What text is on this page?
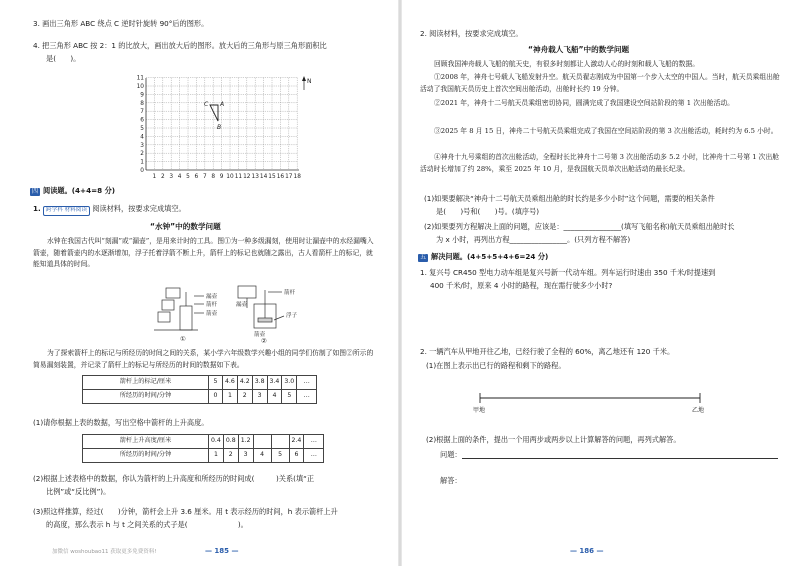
3. 画出三角形 ABC 绕点 C 逆时针旋转 90°后的图形。
4. 把三角形 ABC 按 2：1 的比放大，画出放大后的图形。放大后的三角形与原三角形面积比
是(　　)。
11
10
9
8
7
6
5
4
3
2
1
0
1 2 3 4 5 6 7 8 9 10 11 12 13 14 15 16 17 18
C A
B
N
四 阅读题。(4+4=8 分)
1. 跨学科 材料阅读 阅读材料，按要求完成填空。
“水钟”中的数学问题
水钟在我国古代叫“刻漏”或“漏壶”，是用来计时的工具。图①为一种多级漏刻，使用时让漏壶中的水经漏嘴入箭壶，随着箭壶内的水逐渐增加，浮子托着浮箭不断上升，箭杆上的标记也就随之露出，古人看箭杆上的标记，就能知道具体的时间。
漏壶
箭杆
箭壶
①
箭杆
浮子
漏壶
箭壶
②
为了探索箭杆上的标记与所经历的时间之间的关系，某小学六年级数学兴趣小组的同学们仿制了如图②所示的简易漏刻装置，并记录了箭杆上的标记与所经历的时间的数据如下表。
箭杆上的标记/厘米	5	4.6	4.2	3.8	3.4	3.0	…
所经历的时间/分钟	0	1	2	3	4	5	…
(1)请你根据上表的数据，写出空格中箭杆的上升高度。
箭杆上升高度/厘米	0.4	0.8	1.2			2.4	…
所经历的时间/分钟	1	2	3	4	5	6	…
(2)根据上述表格中的数据，你认为箭杆的上升高度和所经历的时间成(　　　)关系(填“正
比例”或“反比例”)。
(3)照这样推算，经过(　　)分钟，箭杆会上升 3.6 厘米。用 t 表示经历的时间，h 表示箭杆上升
的高度，那么表示 h 与 t 之间关系的式子是(　　　　　　　)。
加微信 woshoubao11 获取更多免费资料!	— 185 —
2. 阅读材料，按要求完成填空。
“神舟载人飞船”中的数学问题
回顾我国神舟载人飞船的航天史，有很多时刻都让人激动人心的时刻和载人飞船的数据。
①2008 年，神舟七号载人飞船发射升空。航天员翟志刚成为中国第一个步入太空的中国人。当时，航天员乘组出舱活动了我国航天员历史上首次空间出舱活动，出舱时长约 19 分钟。
②2021 年，神舟十二号航天员乘组密切协同，圆满完成了我国建设空间站阶段的第 1 次出舱活动。
③2025 年 8 月 15 日，神舟二十号航天员乘组完成了我国在空间站阶段的第 3 次出舱活动，耗时约为 6.5 小时。
④神舟十九号乘组的首次出舱活动，全程时长比神舟十二号第 3 次出舱活动多 5.2 小时，比神舟十二号第 1 次出舱活动时长增加了约 28%，乘至 2025 年 10 月，是我国航天员单次出舱活动的最长纪录。
(1)如果要解决“神舟十二号航天员乘组出舱的时长约是多少小时”这个问题，需要的相关条件
是(　　)号和(　　)号。(填序号)
(2)如果要列方程解决上面的问题，应该是：________________(填写飞船名称)航天员乘组出舱时长
为 x 小时，再列出方程________________。(只列方程不解答)
五 解决问题。(4+5+5+4+6=24 分)
1. 复兴号 CR450 型电力动车组是复兴号新一代动车组。列车运行时速由 350 千米/时提速到
400 千米/时，原来 4 小时的路程，现在需行驶多少小时?
2. 一辆汽车从甲地开往乙地，已经行驶了全程的 60%，离乙地还有 120 千米。
(1)在图上表示出已行的路程和剩下的路程。
甲地	乙地
(2)根据上面的条件，提出一个用两步或两步以上计算解答的问题，再列式解答。
问题：
解答：
— 186 —
